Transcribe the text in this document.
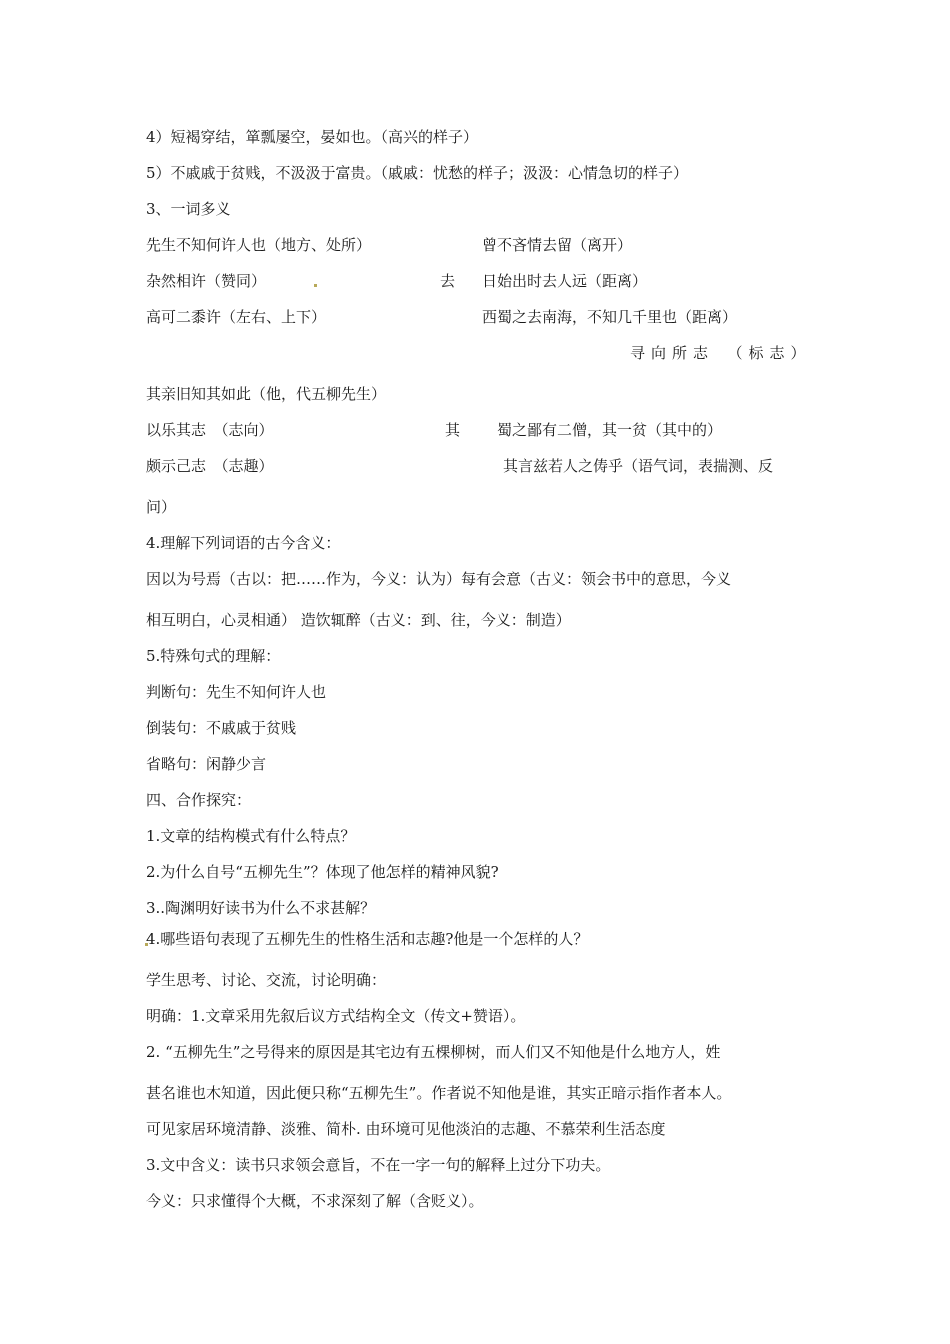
4）短褐穿结，箪瓢屡空，晏如也。（高兴的样子）
5）不戚戚于贫贱，不汲汲于富贵。（戚戚：忧愁的样子；汲汲：心情急切的样子）
3、一词多义
先生不知何许人也（地方、处所）	曾不吝情去留（离开）
杂然相许（赞同）	去 日始出时去人远（距离）
高可二黍许（左右、上下）	西蜀之去南海，不知几千里也（距离）
寻向所志　（标志）
其亲旧知其如此（他，代五柳先生）
以乐其志　（志向）	其 蜀之鄙有二僧，其一贫（其中的）
颇示己志　（志趣）	其言兹若人之俦乎（语气词，表揣测、反
问）
4.理解下列词语的古今含义：
因以为号焉（古以：把……作为，今义：认为）每有会意（古义：领会书中的意思，今义
相互明白，心灵相通） 造饮辄醉（古义：到、往，今义：制造）
5.特殊句式的理解：
判断句：先生不知何许人也
倒装句：不戚戚于贫贱
省略句：闲静少言
四、合作探究：
1.文章的结构模式有什么特点？
2.为什么自号“五柳先生”？体现了他怎样的精神风貌?
3..陶渊明好读书为什么不求甚解？
4.哪些语句表现了五柳先生的性格生活和志趣?他是一个怎样的人？
学生思考、讨论、交流，讨论明确：
明确：1.文章采用先叙后议方式结构全文（传文+赞语）。
2. “五柳先生”之号得来的原因是其宅边有五棵柳树，而人们又不知他是什么地方人，姓
甚名谁也木知道，因此便只称“五柳先生”。作者说不知他是谁，其实正暗示指作者本人。
可见家居环境清静、淡雅、简朴. 由环境可见他淡泊的志趣、不慕荣利生活态度
3.文中含义：读书只求领会意旨，不在一字一句的解释上过分下功夫。
今义：只求懂得个大概，不求深刻了解（含贬义）。
